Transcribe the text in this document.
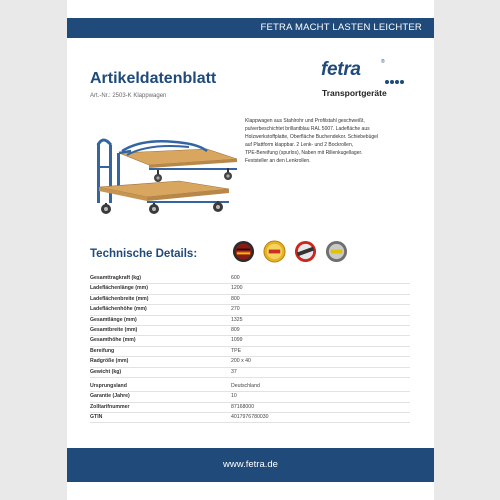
FETRA MACHT LASTEN LEICHTER
Artikeldatenblatt
Art.-Nr.: 2503-K Klappwagen
fetra	®
Transportgeräte

Klappwagen aus Stahlrohr und Profilstahl geschweißt,

pulverbeschichtet brillantblau RAL 5007. Ladefläche aus

Holzwerkstoffplatte, Oberfläche Buchendekor. Schiebebügel

auf Plattform klappbar. 2 Lenk- und 2 Bockrollen,

TPE-Bereifung (spurlos), Naben mit Rillenkugellager.

Feststeller an den Lenkrollen.

Technische Details:
Gesamttragkraft (kg)	600
Ladeflächenlänge (mm)	1200
Ladeflächenbreite (mm)	800
Ladeflächenhöhe (mm)	270
Gesamtlänge (mm)	1325
Gesamtbreite (mm)	809
Gesamthöhe (mm)	1099
Bereifung	TPE
Radgröße (mm)	200 x 40
Gewicht (kg)	37
Ursprungsland	Deutschland
Garantie (Jahre)	10
Zolltarifnummer	87168000
GTIN	4017976780030
www.fetra.de
